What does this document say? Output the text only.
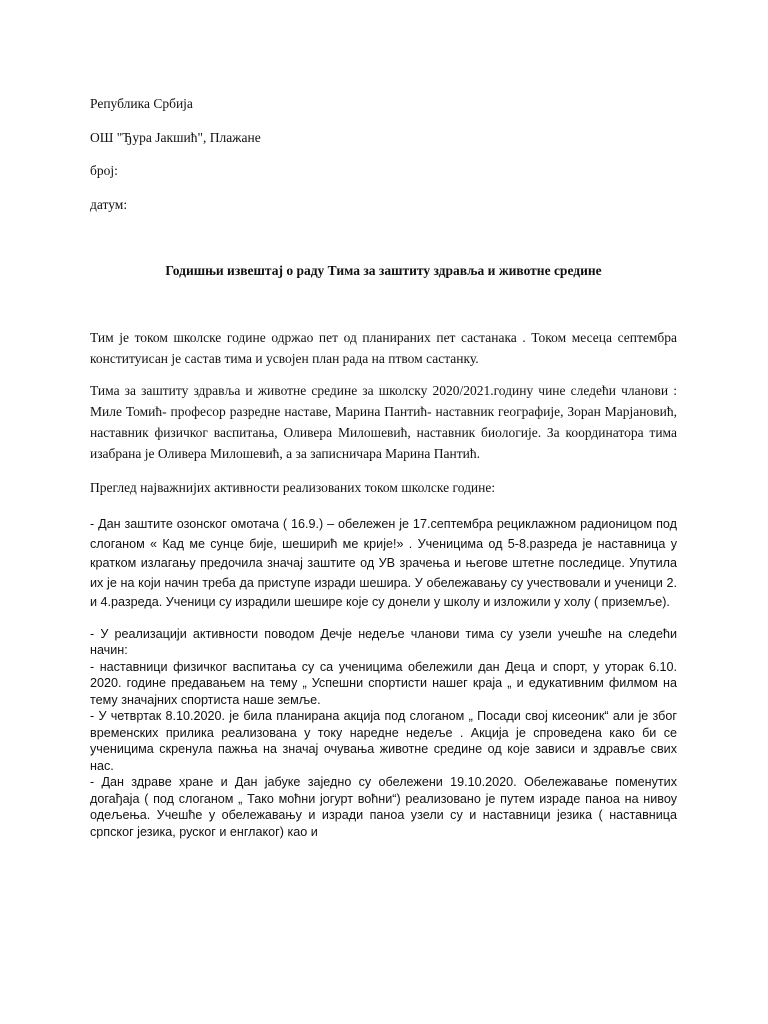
Република Србија

ОШ "Ђура Јакшић", Плажане

број:

датум:

Годишњи извештај о раду Тима за заштиту здравља и животне средине

Тим је током школске године одржао пет од планираних пет састанака . Током месеца септембра конституисан је састав тима и усвојен план рада на птвом састанку.

Тима за заштиту здравља и животне средине за школску 2020/2021.годину чине следећи чланови : Миле Томић- професор разредне наставе, Марина Пантић- наставник географије, Зоран Марјановић, наставник физичког васпитања, Оливера Милошевић, наставник биологије. За координатора тима изабрана је Оливера Милошевић, а за записничара Марина Пантић.

Преглед најважнијих активности реализованих током школске године:

- Дан заштите озонског омотача ( 16.9.) – обележен је 17.септембра рециклажном радионицом под слоганом « Кад ме сунце бије, шеширић ме крије!» . Ученицима од 5-8.разреда је наставница у кратком излагању предочила значај заштите од УВ зрачења и његове штетне последице. Упутила их је на који начин треба да приступе изради шешира. У обележавању су учествовали и ученици 2. и 4.разреда. Ученици су израдили шешире које су донели у школу и изложили у холу ( приземље).

- У реализацији активности поводом Дечје недеље чланови тима су узели учешће на следећи начин:
- наставници физичког васпитања су са ученицима обележили дан Деца и спорт, у уторак 6.10. 2020. године предавањем на тему „ Успешни спортисти нашег краја „ и едукативним филмом на тему значајних спортиста наше земље.
- У четвртак 8.10.2020. је била планирана акција под слоганом „ Посади свој кисеоник“ али је због временских прилика реализована у току наредне недеље . Акција је спроведена како би се ученицима скренула пажња на значај очувања животне средине од које зависи и здравље свих нас.
- Дан здраве хране и Дан јабуке заједно су обележени 19.10.2020. Обележавање поменутих догађаја ( под слоганом „ Тако моћни јогурт воћни“) реализовано је путем израде паноа на нивоу одељења. Учешће у обележавању и изради паноа узели су и наставници језика ( наставница српског језика, руског и енглаког) као и
